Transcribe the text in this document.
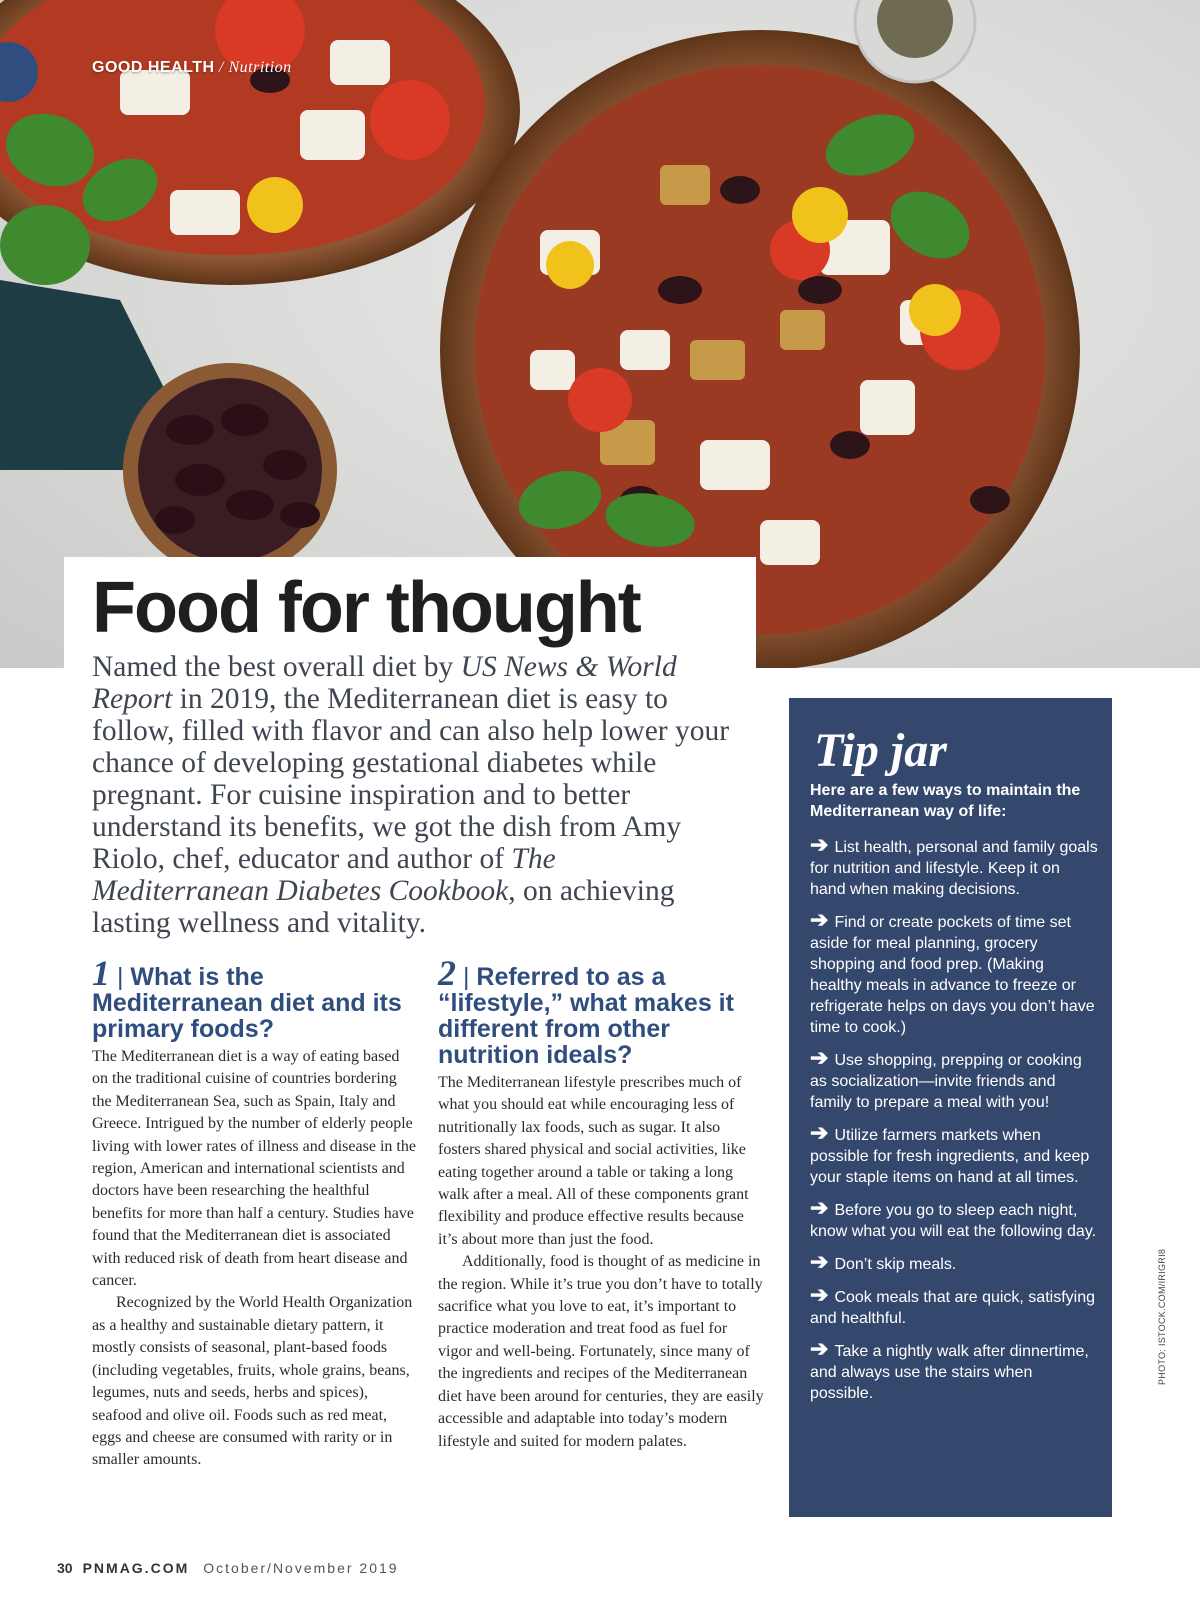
GOOD HEALTH / Nutrition
Food for thought

Named the best overall diet by US News & World Report in 2019, the Mediterranean diet is easy to follow, filled with flavor and can also help lower your chance of developing gestational diabetes while pregnant. For cuisine inspiration and to better understand its benefits, we got the dish from Amy Riolo, chef, educator and author of The Mediterranean Diabetes Cookbook, on achieving lasting wellness and vitality.

1 | What is the Mediterranean diet and its primary foods?

The Mediterranean diet is a way of eating based on the traditional cuisine of countries bordering the Mediterranean Sea, such as Spain, Italy and Greece. Intrigued by the number of elderly people living with lower rates of illness and disease in the region, American and international scientists and doctors have been researching the healthful benefits for more than half a century. Studies have found that the Mediterranean diet is associated with reduced risk of death from heart disease and cancer.

Recognized by the World Health Organization as a healthy and sustainable dietary pattern, it mostly consists of seasonal, plant-based foods (including vegetables, fruits, whole grains, beans, legumes, nuts and seeds, herbs and spices), seafood and olive oil. Foods such as red meat, eggs and cheese are consumed with rarity or in smaller amounts.

2 | Referred to as a “lifestyle,” what makes it different from other nutrition ideals?

The Mediterranean lifestyle prescribes much of what you should eat while encouraging less of nutritionally lax foods, such as sugar. It also fosters shared physical and social activities, like eating together around a table or taking a long walk after a meal. All of these components grant flexibility and produce effective results because it’s about more than just the food.

Additionally, food is thought of as medicine in the region. While it’s true you don’t have to totally sacrifice what you love to eat, it’s important to practice moderation and treat food as fuel for vigor and well-being. Fortunately, since many of the ingredients and recipes of the Mediterranean diet have been around for centuries, they are easily accessible and adaptable into today’s modern lifestyle and suited for modern palates.

Tip jar
Here are a few ways to maintain the Mediterranean way of life:
➔ List health, personal and family goals for nutrition and lifestyle. Keep it on hand when making decisions.
➔ Find or create pockets of time set aside for meal planning, grocery shopping and food prep. (Making healthy meals in advance to freeze or refrigerate helps on days you don’t have time to cook.)
➔ Use shopping, prepping or cooking as socialization—invite friends and family to prepare a meal with you!
➔ Utilize farmers markets when possible for fresh ingredients, and keep your staple items on hand at all times.
➔ Before you go to sleep each night, know what you will eat the following day.
➔ Don’t skip meals.
➔ Cook meals that are quick, satisfying and healthful.
➔ Take a nightly walk after dinnertime, and always use the stairs when possible.
PHOTO: ISTOCK.COM/IRIGRI8
30 PNMAG.COM October/November 2019
